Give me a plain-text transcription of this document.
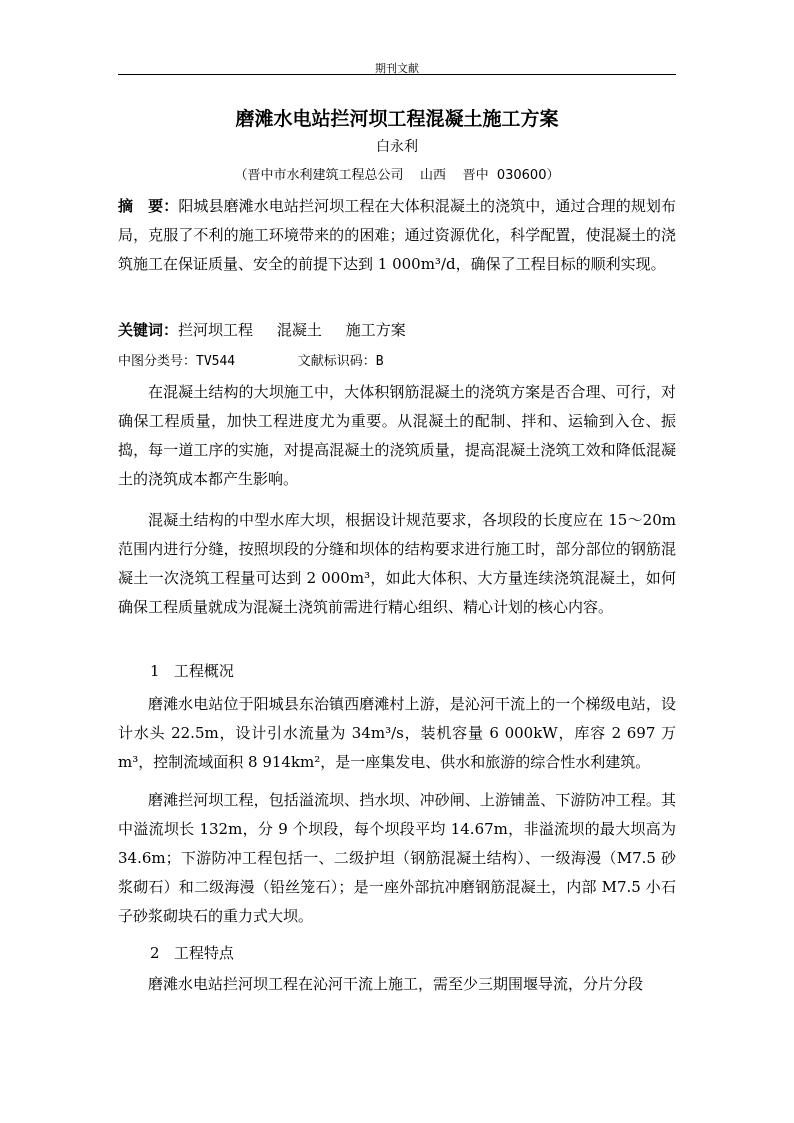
期刊文献
磨滩水电站拦河坝工程混凝土施工方案
白永利
（晋中市水利建筑工程总公司    山西    晋中  030600）
摘　要：阳城县磨滩水电站拦河坝工程在大体积混凝土的浇筑中，通过合理的规划布局，克服了不利的施工环境带来的的困难；通过资源优化，科学配置，使混凝土的浇筑施工在保证质量、安全的前提下达到 1 000m³/d，确保了工程目标的顺利实现。
关键词：拦河坝工程     混凝土     施工方案
中图分类号：TV544        文献标识码：B
在混凝土结构的大坝施工中，大体积钢筋混凝土的浇筑方案是否合理、可行，对确保工程质量，加快工程进度尤为重要。从混凝土的配制、拌和、运输到入仓、振捣，每一道工序的实施，对提高混凝土的浇筑质量，提高混凝土浇筑工效和降低混凝土的浇筑成本都产生影响。
混凝土结构的中型水库大坝，根据设计规范要求，各坝段的长度应在 15～20m 范围内进行分缝，按照坝段的分缝和坝体的结构要求进行施工时，部分部位的钢筋混凝土一次浇筑工程量可达到 2 000m³，如此大体积、大方量连续浇筑混凝土，如何确保工程质量就成为混凝土浇筑前需进行精心组织、精心计划的核心内容。
1   工程概况
磨滩水电站位于阳城县东治镇西磨滩村上游，是沁河干流上的一个梯级电站，设计水头 22.5m，设计引水流量为 34m³/s，装机容量 6 000kW，库容 2 697 万 m³，控制流域面积 8 914km²，是一座集发电、供水和旅游的综合性水利建筑。
磨滩拦河坝工程，包括溢流坝、挡水坝、冲砂闸、上游铺盖、下游防冲工程。其中溢流坝长 132m，分 9 个坝段，每个坝段平均 14.67m，非溢流坝的最大坝高为 34.6m；下游防冲工程包括一、二级护坦（钢筋混凝土结构）、一级海漫（M7.5 砂浆砌石）和二级海漫（铅丝笼石）；是一座外部抗冲磨钢筋混凝土，内部 M7.5 小石子砂浆砌块石的重力式大坝。
2   工程特点
磨滩水电站拦河坝工程在沁河干流上施工，需至少三期围堰导流，分片分段
